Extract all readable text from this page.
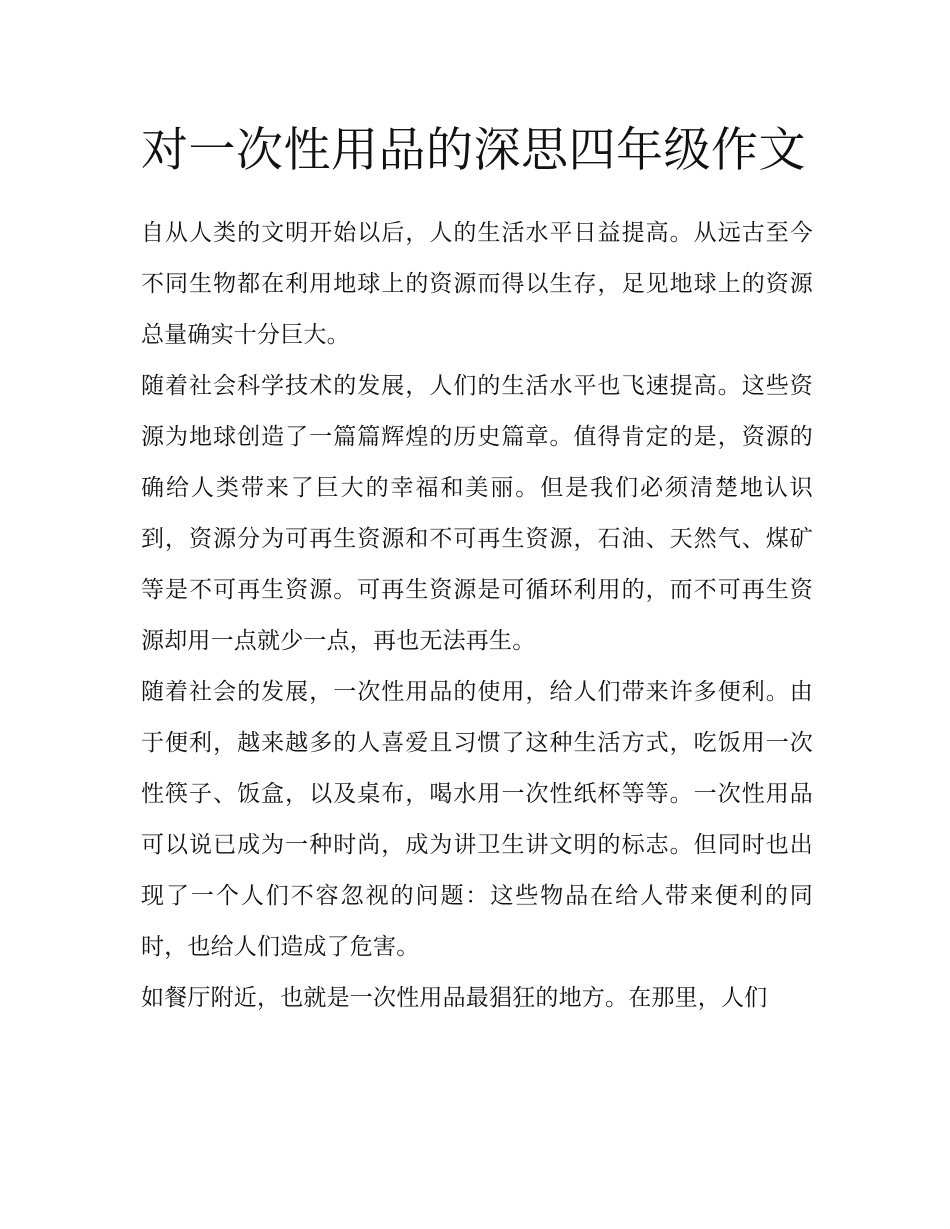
对一次性用品的深思四年级作文

自从人类的文明开始以后，人的生活水平日益提高。从远古至今不同生物都在利用地球上的资源而得以生存，足见地球上的资源总量确实十分巨大。

随着社会科学技术的发展，人们的生活水平也飞速提高。这些资源为地球创造了一篇篇辉煌的历史篇章。值得肯定的是，资源的确给人类带来了巨大的幸福和美丽。但是我们必须清楚地认识到，资源分为可再生资源和不可再生资源，石油、天然气、煤矿等是不可再生资源。可再生资源是可循环利用的，而不可再生资源却用一点就少一点，再也无法再生。

随着社会的发展，一次性用品的使用，给人们带来许多便利。由于便利，越来越多的人喜爱且习惯了这种生活方式，吃饭用一次性筷子、饭盒，以及桌布，喝水用一次性纸杯等等。一次性用品可以说已成为一种时尚，成为讲卫生讲文明的标志。但同时也出现了一个人们不容忽视的问题：这些物品在给人带来便利的同时，也给人们造成了危害。

如餐厅附近，也就是一次性用品最猖狂的地方。在那里，人们
